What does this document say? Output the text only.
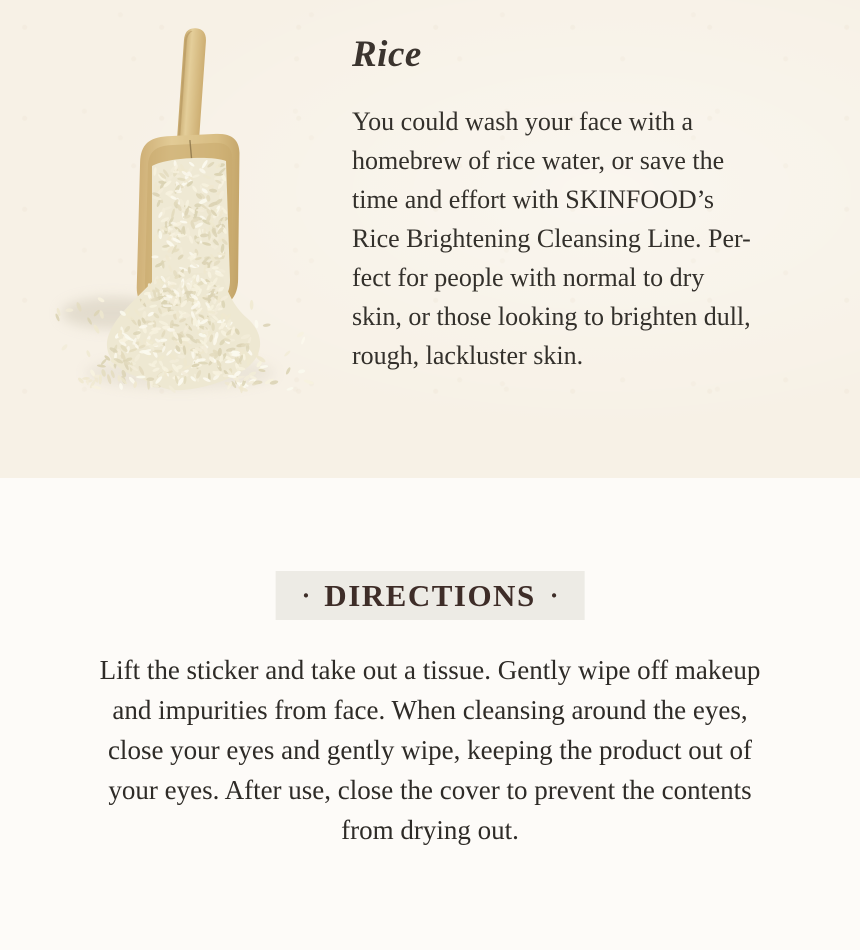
Rice
You could wash your face with a
homebrew of rice water, or save the
time and effort with SKINFOOD’s
Rice Brightening Cleansing Line. Per-
fect for people with normal to dry
skin, or those looking to brighten dull,
rough, lackluster skin.
· DIRECTIONS ·
Lift the sticker and take out a tissue. Gently wipe off makeup
and impurities from face. When cleansing around the eyes,
close your eyes and gently wipe, keeping the product out of
your eyes. After use, close the cover to prevent the contents
from drying out.
